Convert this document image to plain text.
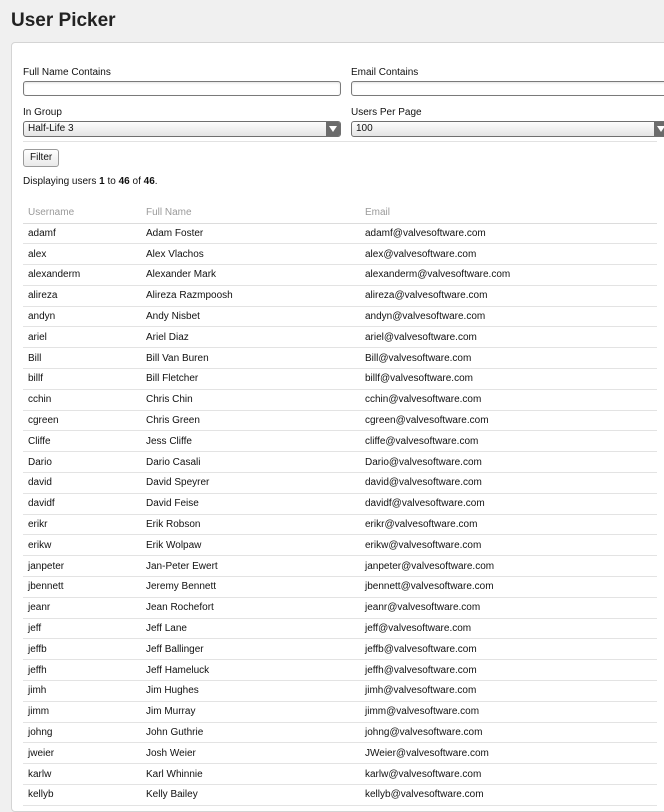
User Picker
Full Name Contains	Email Contains
In Group
Half-Life 3
Users Per Page
100
Filter
Displaying users 1 to 46 of 46.
Username	Full Name	Email
adamf	Adam Foster	adamf@valvesoftware.com
alex	Alex Vlachos	alex@valvesoftware.com
alexanderm	Alexander Mark	alexanderm@valvesoftware.com
alireza	Alireza Razmpoosh	alireza@valvesoftware.com
andyn	Andy Nisbet	andyn@valvesoftware.com
ariel	Ariel Diaz	ariel@valvesoftware.com
Bill	Bill Van Buren	Bill@valvesoftware.com
billf	Bill Fletcher	billf@valvesoftware.com
cchin	Chris Chin	cchin@valvesoftware.com
cgreen	Chris Green	cgreen@valvesoftware.com
Cliffe	Jess Cliffe	cliffe@valvesoftware.com
Dario	Dario Casali	Dario@valvesoftware.com
david	David Speyrer	david@valvesoftware.com
davidf	David Feise	davidf@valvesoftware.com
erikr	Erik Robson	erikr@valvesoftware.com
erikw	Erik Wolpaw	erikw@valvesoftware.com
janpeter	Jan-Peter Ewert	janpeter@valvesoftware.com
jbennett	Jeremy Bennett	jbennett@valvesoftware.com
jeanr	Jean Rochefort	jeanr@valvesoftware.com
jeff	Jeff Lane	jeff@valvesoftware.com
jeffb	Jeff Ballinger	jeffb@valvesoftware.com
jeffh	Jeff Hameluck	jeffh@valvesoftware.com
jimh	Jim Hughes	jimh@valvesoftware.com
jimm	Jim Murray	jimm@valvesoftware.com
johng	John Guthrie	johng@valvesoftware.com
jweier	Josh Weier	JWeier@valvesoftware.com
karlw	Karl Whinnie	karlw@valvesoftware.com
kellyb	Kelly Bailey	kellyb@valvesoftware.com
